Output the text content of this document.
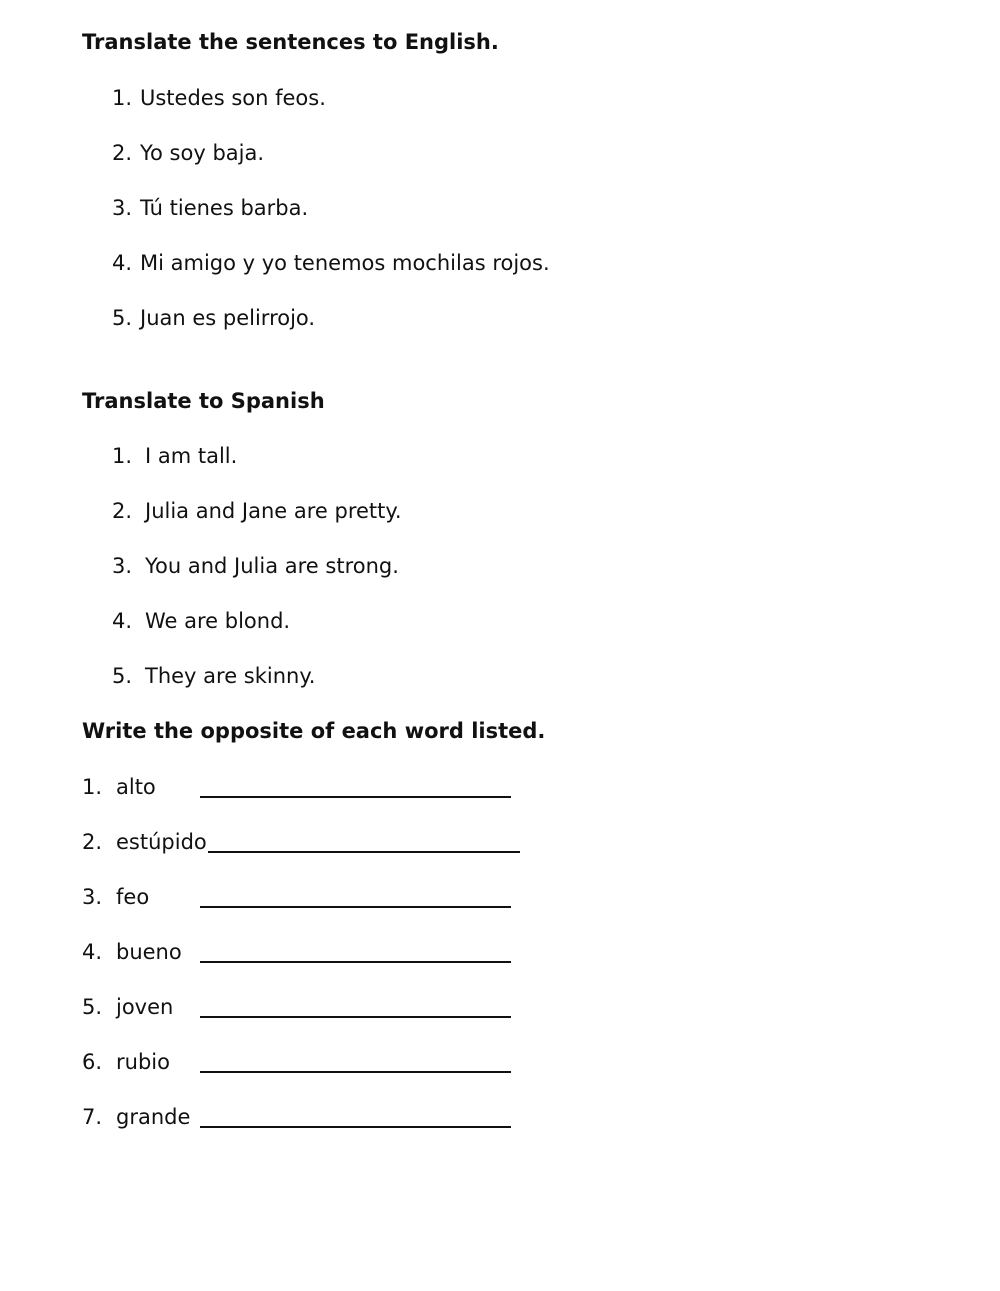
Translate the sentences to English.
1. Ustedes son feos.
2. Yo soy baja.
3. Tú tienes barba.
4. Mi amigo y yo tenemos mochilas rojos.
5. Juan es pelirrojo.
Translate to Spanish
1. I am tall.
2. Julia and Jane are pretty.
3. You and Julia are strong.
4. We are blond.
5. They are skinny.
Write the opposite of each word listed.
1. alto
2. estúpido
3. feo
4. bueno
5. joven
6. rubio
7. grande
